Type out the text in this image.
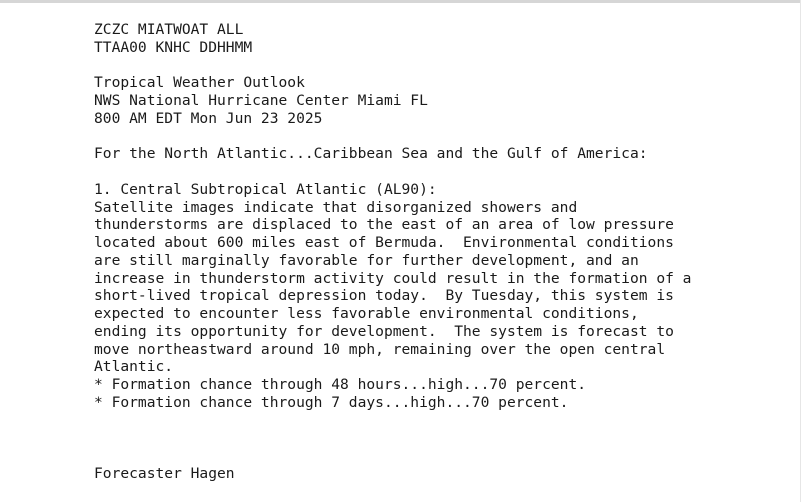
ZCZC MIATWOAT ALL
TTAA00 KNHC DDHHMM

Tropical Weather Outlook
NWS National Hurricane Center Miami FL
800 AM EDT Mon Jun 23 2025

For the North Atlantic...Caribbean Sea and the Gulf of America:

1. Central Subtropical Atlantic (AL90):
Satellite images indicate that disorganized showers and
thunderstorms are displaced to the east of an area of low pressure
located about 600 miles east of Bermuda.  Environmental conditions
are still marginally favorable for further development, and an
increase in thunderstorm activity could result in the formation of a
short-lived tropical depression today.  By Tuesday, this system is
expected to encounter less favorable environmental conditions,
ending its opportunity for development.  The system is forecast to
move northeastward around 10 mph, remaining over the open central
Atlantic.
* Formation chance through 48 hours...high...70 percent.
* Formation chance through 7 days...high...70 percent.

Forecaster Hagen
